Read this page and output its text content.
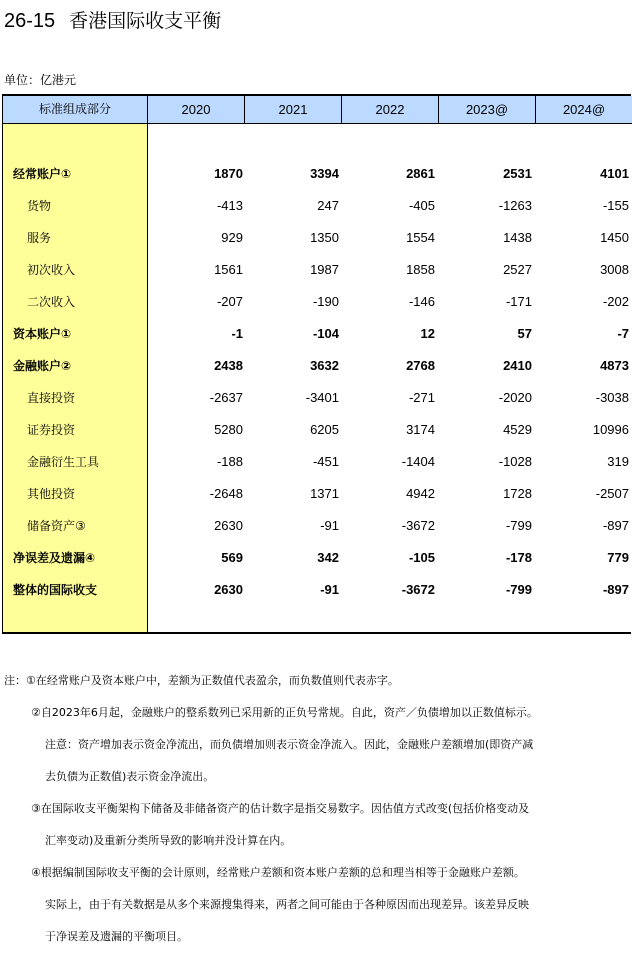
26-15 香港国际收支平衡
单位：亿港元
标准组成部分	2020	2021	2022	2023@	2024@
经常账户①	1870	3394	2861	2531	4101
货物	-413	247	-405	-1263	-155
服务	929	1350	1554	1438	1450
初次收入	1561	1987	1858	2527	3008
二次收入	-207	-190	-146	-171	-202
资本账户①	-1	-104	12	57	-7
金融账户②	2438	3632	2768	2410	4873
直接投资	-2637	-3401	-271	-2020	-3038
证券投资	5280	6205	3174	4529	10996
金融衍生工具	-188	-451	-1404	-1028	319
其他投资	-2648	1371	4942	1728	-2507
储备资产③	2630	-91	-3672	-799	-897
净误差及遗漏④	569	342	-105	-178	779
整体的国际收支	2630	-91	-3672	-799	-897
注：①在经常账户及资本账户中，差额为正数值代表盈余，而负数值则代表赤字。
②自2023年6月起，金融账户的整系数列已采用新的正负号常规。自此，资产／负债增加以正数值标示。
注意：资产增加表示资金净流出，而负债增加则表示资金净流入。因此，金融账户差额增加(即资产减
去负债为正数值)表示资金净流出。
③在国际收支平衡架构下储备及非储备资产的估计数字是指交易数字。因估值方式改变(包括价格变动及
汇率变动)及重新分类所导致的影响并没计算在内。
④根据编制国际收支平衡的会计原则，经常账户差额和资本账户差额的总和理当相等于金融账户差额。
实际上，由于有关数据是从多个来源搜集得来，两者之间可能由于各种原因而出现差异。该差异反映
于净误差及遗漏的平衡项目。
